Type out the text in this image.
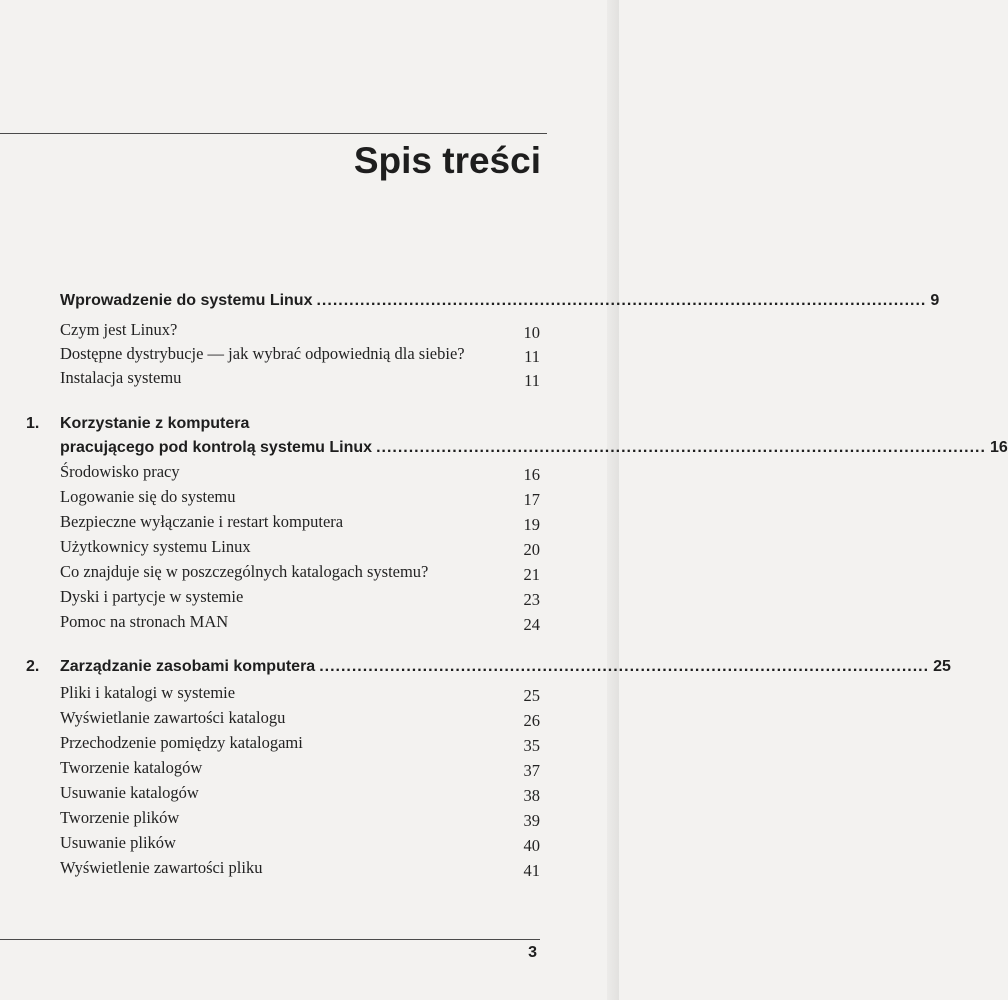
Spis treści
Wprowadzenie do systemu Linux ................................................................................................................ 9
Czym jest Linux?	10
Dostępne dystrybucje — jak wybrać odpowiednią dla siebie?	11
Instalacja systemu	11
1. Korzystanie z komputera
pracującego pod kontrolą systemu Linux ................................................................................................................ 16
Środowisko pracy	16
Logowanie się do systemu	17
Bezpieczne wyłączanie i restart komputera	19
Użytkownicy systemu Linux	20
Co znajduje się w poszczególnych katalogach systemu?	21
Dyski i partycje w systemie	23
Pomoc na stronach MAN	24
2. Zarządzanie zasobami komputera ................................................................................................................ 25
Pliki i katalogi w systemie	25
Wyświetlanie zawartości katalogu	26
Przechodzenie pomiędzy katalogami	35
Tworzenie katalogów	37
Usuwanie katalogów	38
Tworzenie plików	39
Usuwanie plików	40
Wyświetlenie zawartości pliku	41
3
